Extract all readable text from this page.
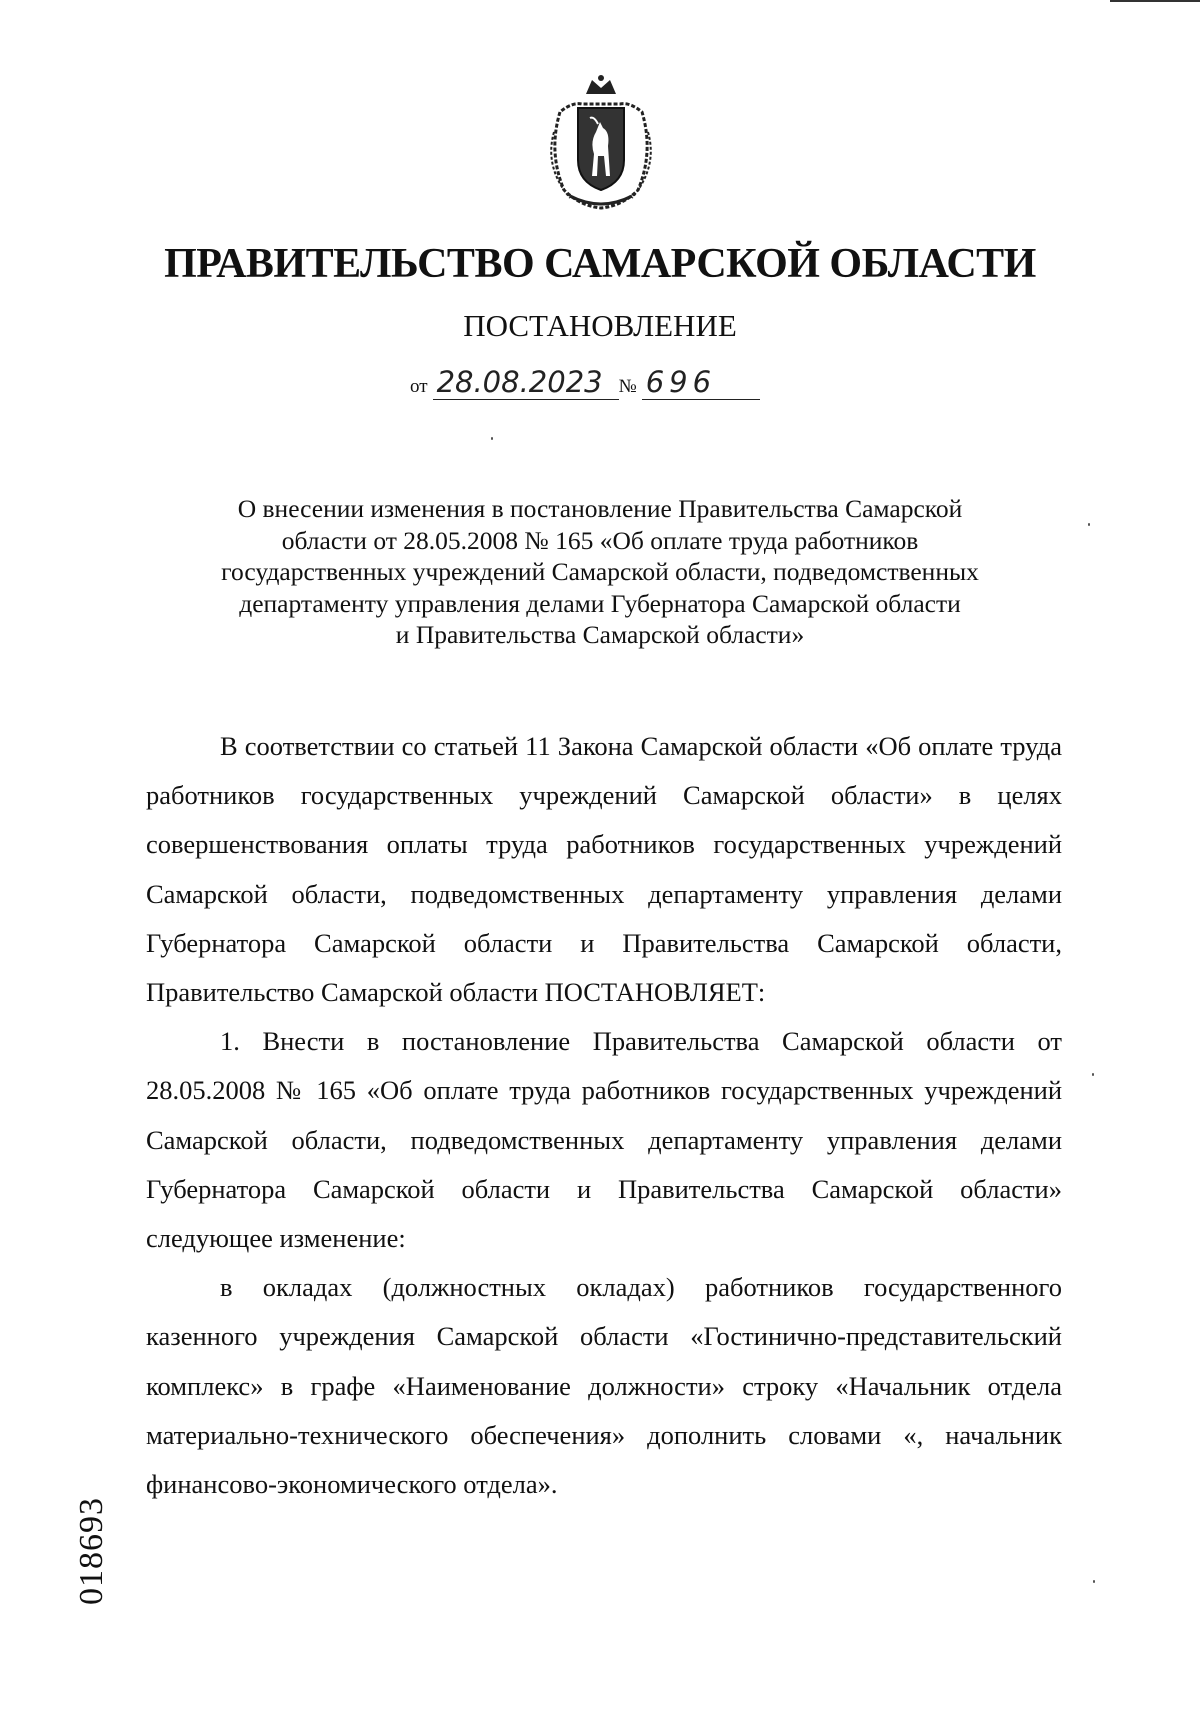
ПРАВИТЕЛЬСТВО САМАРСКОЙ ОБЛАСТИ
ПОСТАНОВЛЕНИЕ
от 28.08.2023 № 696
О внесении изменения в постановление Правительства Самарской
области от 28.05.2008 № 165 «Об оплате труда работников
государственных учреждений Самарской области, подведомственных
департаменту управления делами Губернатора Самарской области
и Правительства Самарской области»

В соответствии со статьей 11 Закона Самарской области «Об оплате труда работников государственных учреждений Самарской области» в целях совершенствования оплаты труда работников государственных учреждений Самарской области, подведомственных департаменту управления делами Губернатора Самарской области и Правительства Самарской области, Правительство Самарской области ПОСТАНОВЛЯЕТ:

1. Внести в постановление Правительства Самарской области от 28.05.2008 № 165 «Об оплате труда работников государственных учреждений Самарской области, подведомственных департаменту управления делами Губернатора Самарской области и Правительства Самарской области» следующее изменение:

в окладах (должностных окладах) работников государственного казенного учреждения Самарской области «Гостинично-представительский комплекс» в графе «Наименование должности» строку «Начальник отдела материально-технического обеспечения» дополнить словами «, начальник финансово-экономического отдела».

018693
